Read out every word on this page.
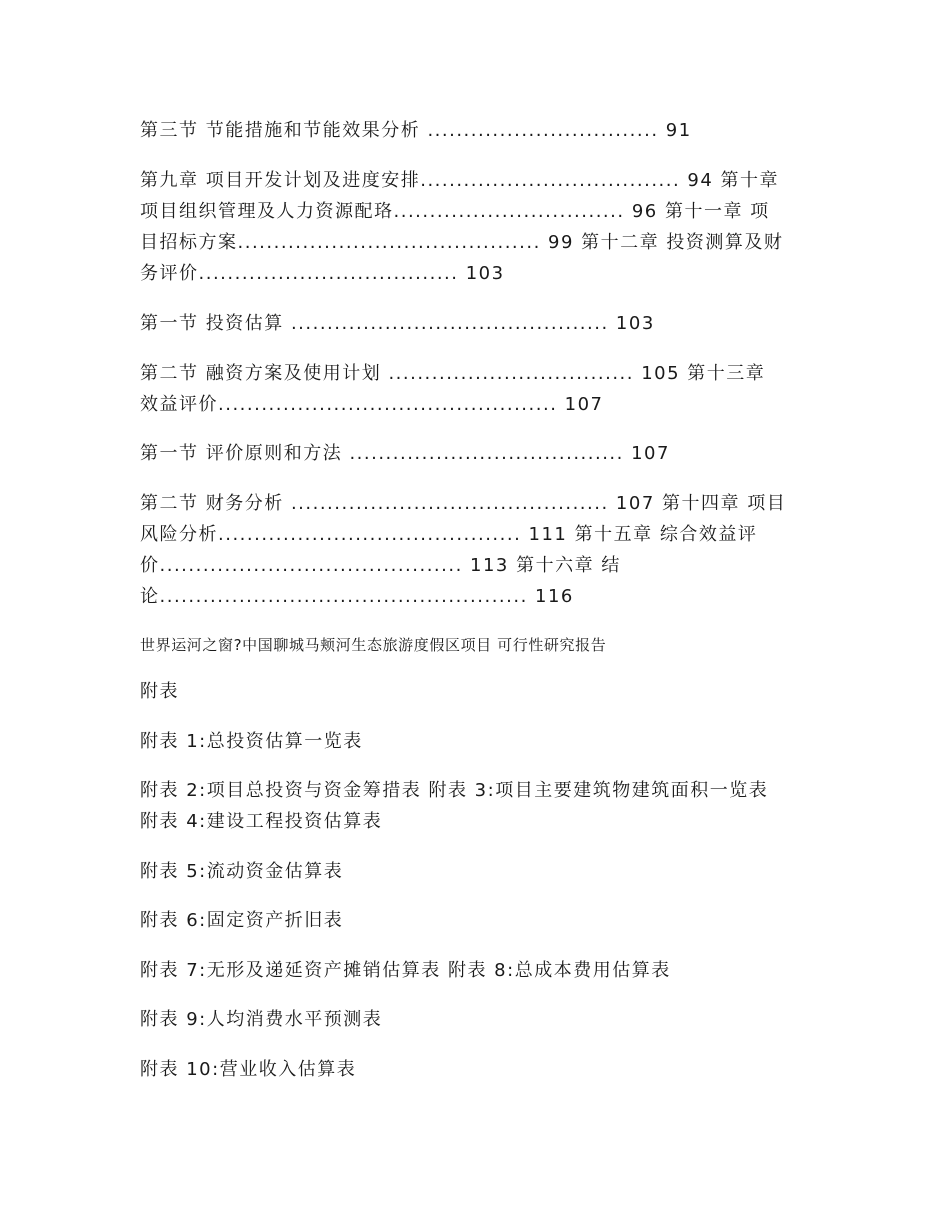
第三节 节能措施和节能效果分析 ................................ 91
第九章 项目开发计划及进度安排.................................... 94 第十章
项目组织管理及人力资源配珞................................ 96 第十一章 项
目招标方案.......................................... 99 第十二章 投资测算及财
务评价.................................... 103
第一节 投资估算 ............................................ 103
第二节 融资方案及使用计划 .................................. 105 第十三章
效益评价............................................... 107
第一节 评价原则和方法 ...................................... 107
第二节 财务分析 ............................................ 107 第十四章 项目
风险分析.......................................... 111 第十五章 综合效益评
价.......................................... 113 第十六章 结
论................................................... 116
世界运河之窗?中国聊城马颊河生态旅游度假区项目 可行性研究报告
附表
附表 1:总投资估算一览表
附表 2:项目总投资与资金筹措表 附表 3:项目主要建筑物建筑面积一览表
附表 4:建设工程投资估算表
附表 5:流动资金估算表
附表 6:固定资产折旧表
附表 7:无形及递延资产摊销估算表 附表 8:总成本费用估算表
附表 9:人均消费水平预测表
附表 10:营业收入估算表
